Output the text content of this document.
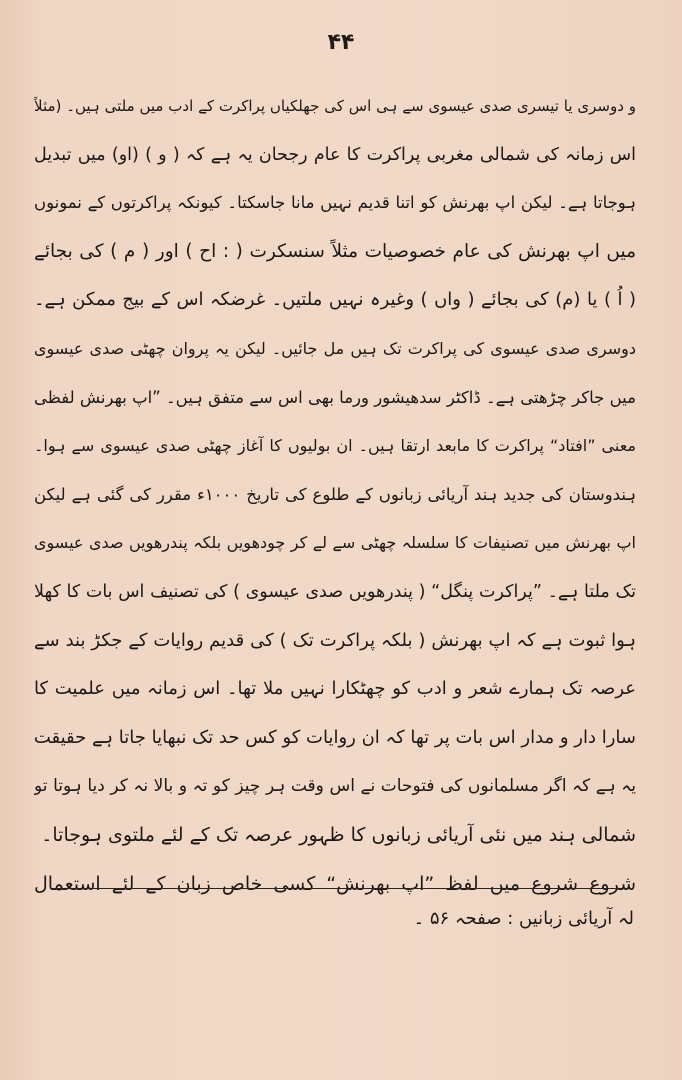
۴۴
و دوسری یا تیسری صدی عیسوی سے ہی اس کی جھلکیاں پراکرت کے ادب میں ملتی ہیں۔ (مثلاً
اس زمانہ کی شمالی مغربی پراکرت کا عام رجحان یہ ہے کہ ( و ) (او) میں تبدیل
ہوجاتا ہے۔ لیکن اپ بھرنش کو اتنا قدیم نہیں مانا جاسکتا۔ کیونکہ پراکرتوں کے نمونوں
میں اپ بھرنش کی عام خصوصیات مثلاً سنسکرت ( : اح ) اور ( م ) کی بجائے
( اُ ) یا (م) کی بجائے ( واں ) وغیرہ نہیں ملتیں۔ غرضکہ اس کے بیج ممکن ہے۔
دوسری صدی عیسوی کی پراکرت تک ہیں مل جائیں۔ لیکن یہ پروان چھٹی صدی عیسوی
میں جاکر چڑھتی ہے۔ ڈاکٹر سدھیشور ورما بھی اس سے متفق ہیں۔ ”اپ بھرنش لفظی
معنی ”افتاد“ پراکرت کا مابعد ارتقا ہیں۔ ان بولیوں کا آغاز چھٹی صدی عیسوی سے ہوا۔
ہندوستان کی جدید ہند آریائی زبانوں کے طلوع کی تاریخ ۱۰۰۰ء مقرر کی گئی ہے لیکن
اپ بھرنش میں تصنیفات کا سلسلہ چھٹی سے لے کر چودھویں بلکہ پندرھویں صدی عیسوی
تک ملتا ہے۔ ”پراکرت پنگل“ ( پندرھویں صدی عیسوی ) کی تصنیف اس بات کا کھلا
ہوا ثبوت ہے کہ اپ بھرنش ( بلکہ پراکرت تک ) کی قدیم روایات کے جکڑ بند سے
عرصہ تک ہمارے شعر و ادب کو چھٹکارا نہیں ملا تھا۔ اس زمانہ میں علمیت کا
سارا دار و مدار اس بات پر تھا کہ ان روایات کو کس حد تک نبھایا جاتا ہے حقیقت
یہ ہے کہ اگر مسلمانوں کی فتوحات نے اس وقت ہر چیز کو تہ و بالا نہ کر دیا ہوتا تو
شمالی ہند میں نئی آریائی زبانوں کا ظہور عرصہ تک کے لئے ملتوی ہوجاتا۔
شروع شروع میں لفظ ”اپ بھرنش“ کسی خاص زبان کے لئے استعمال
لہ آریائی زبانیں : صفحہ ۵۶ ۔
